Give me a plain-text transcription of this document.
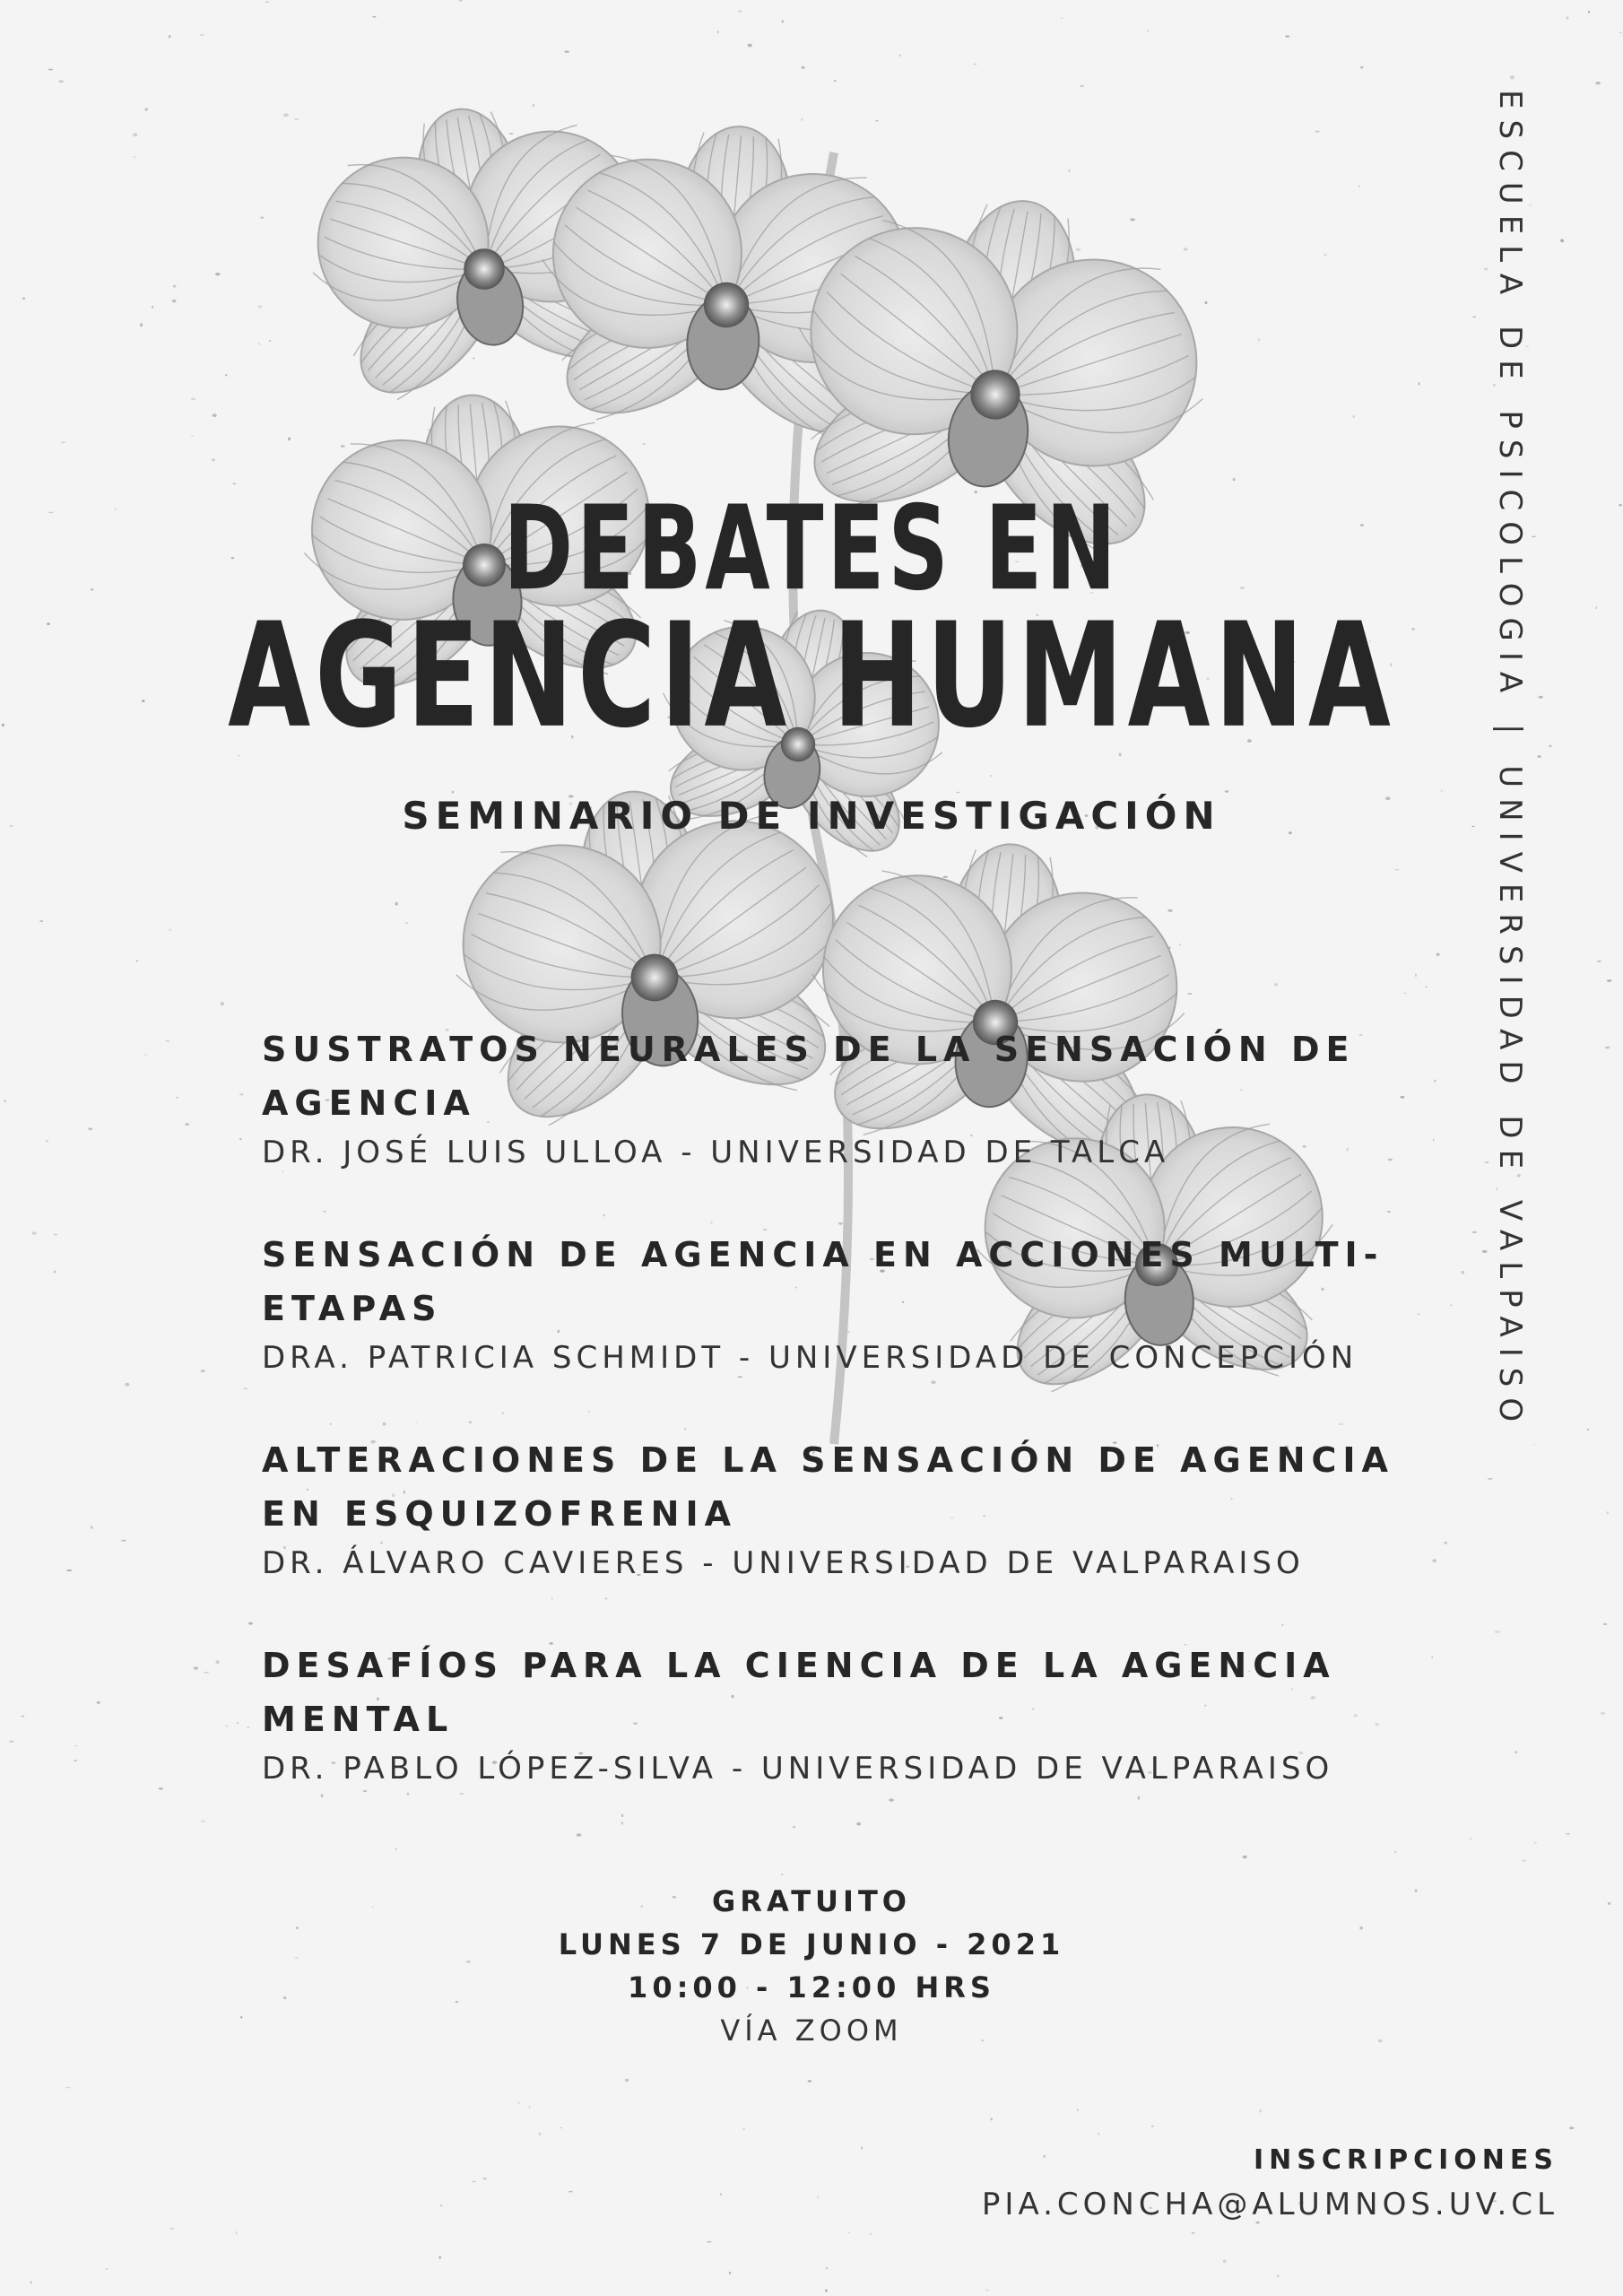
ESCUELA DE PSICOLOGIA | UNIVERSIDAD DE VALPAISO
DEBATES EN
AGENCIA HUMANA
SEMINARIO DE INVESTIGACIÓN
SUSTRATOS NEURALES DE LA SENSACIÓN DE
AGENCIA
DR. JOSÉ LUIS ULLOA - UNIVERSIDAD DE TALCA
SENSACIÓN DE AGENCIA EN ACCIONES MULTI-
ETAPAS
DRA. PATRICIA SCHMIDT - UNIVERSIDAD DE CONCEPCIÓN
ALTERACIONES DE LA SENSACIÓN DE AGENCIA
EN ESQUIZOFRENIA
DR. ÁLVARO CAVIERES - UNIVERSIDAD DE VALPARAISO
DESAFÍOS PARA LA CIENCIA DE LA AGENCIA
MENTAL
DR. PABLO LÓPEZ-SILVA - UNIVERSIDAD DE VALPARAISO
GRATUITO
LUNES 7 DE JUNIO - 2021
10:00 - 12:00 HRS
VÍA ZOOM
INSCRIPCIONES
PIA.CONCHA@ALUMNOS.UV.CL
